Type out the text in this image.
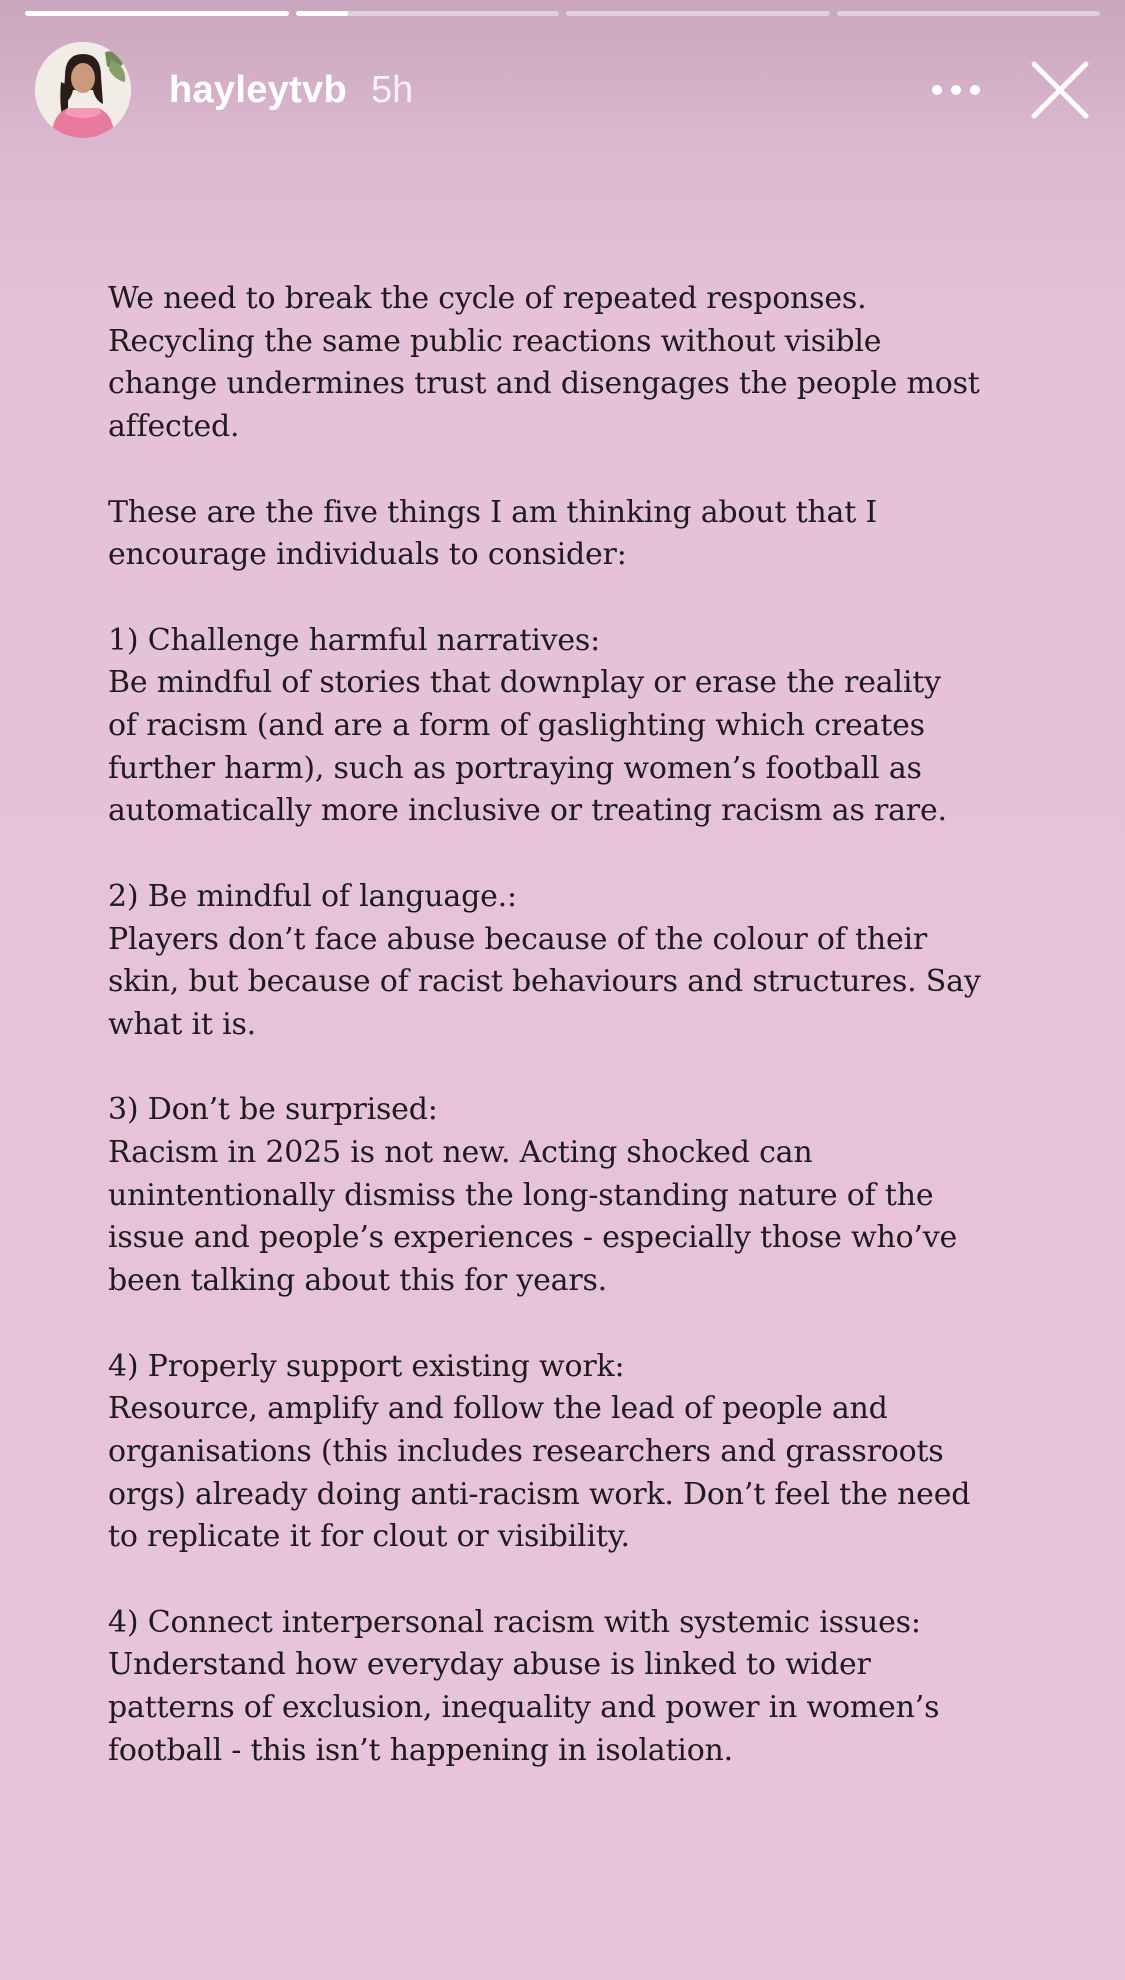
hayleytvb 5h

We need to break the cycle of repeated responses.
Recycling the same public reactions without visible
change undermines trust and disengages the people most
affected.

These are the five things I am thinking about that I
encourage individuals to consider:

1) Challenge harmful narratives:
Be mindful of stories that downplay or erase the reality
of racism (and are a form of gaslighting which creates
further harm), such as portraying women’s football as
automatically more inclusive or treating racism as rare.

2) Be mindful of language.:
Players don’t face abuse because of the colour of their
skin, but because of racist behaviours and structures. Say
what it is.

3) Don’t be surprised:
Racism in 2025 is not new. Acting shocked can
unintentionally dismiss the long-standing nature of the
issue and people’s experiences - especially those who’ve
been talking about this for years.

4) Properly support existing work:
Resource, amplify and follow the lead of people and
organisations (this includes researchers and grassroots
orgs) already doing anti-racism work. Don’t feel the need
to replicate it for clout or visibility.

4) Connect interpersonal racism with systemic issues:
Understand how everyday abuse is linked to wider
patterns of exclusion, inequality and power in women’s
football - this isn’t happening in isolation.
